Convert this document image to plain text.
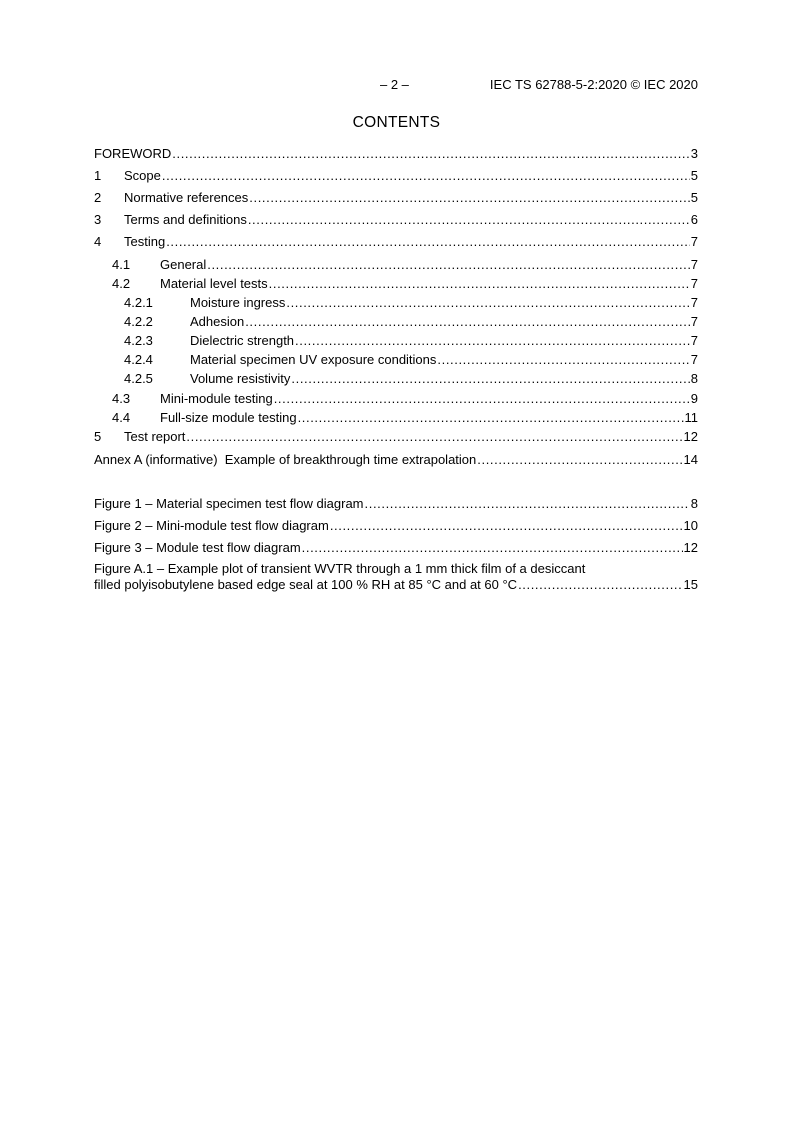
– 2 –	IEC TS 62788-5-2:2020 © IEC 2020
CONTENTS
FOREWORD .....	3
1	Scope .....	5
2	Normative references .....	5
3	Terms and definitions .....	6
4	Testing .....	7
4.1	General .....	7
4.2	Material level tests .....	7
4.2.1	Moisture ingress .....	7
4.2.2	Adhesion .....	7
4.2.3	Dielectric strength .....	7
4.2.4	Material specimen UV exposure conditions .....	7
4.2.5	Volume resistivity .....	8
4.3	Mini-module testing .....	9
4.4	Full-size module testing .....	11
5	Test report .....	12
Annex A (informative)  Example of breakthrough time extrapolation .....	14
Figure 1 – Material specimen test flow diagram .....	8
Figure 2 – Mini-module test flow diagram .....	10
Figure 3 – Module test flow diagram .....	12
Figure A.1 – Example plot of transient WVTR through a 1 mm thick film of a desiccant
filled polyisobutylene based edge seal at 100 % RH at 85 °C and at 60 °C .....	15
